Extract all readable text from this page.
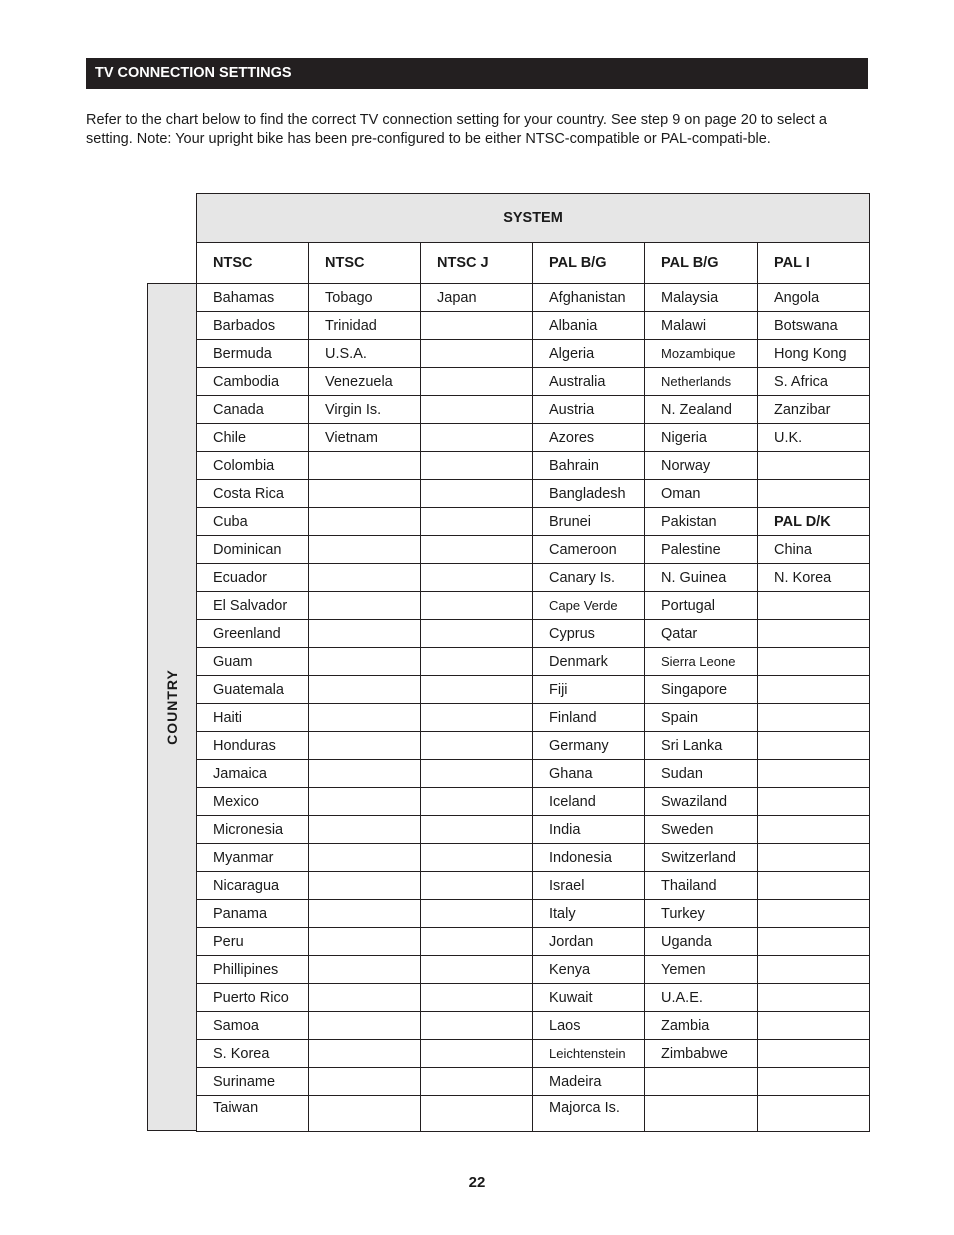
TV CONNECTION SETTINGS

Refer to the chart below to find the correct TV connection setting for your country. See step 9 on page 20 to select a setting. Note: Your upright bike has been pre-configured to be either NTSC-compatible or PAL-compati-ble.

COUNTRY
SYSTEM					
NTSC	NTSC	NTSC J	PAL B/G	PAL B/G	PAL I
Bahamas	Tobago	Japan	Afghanistan	Malaysia	Angola
Barbados	Trinidad		Albania	Malawi	Botswana
Bermuda	U.S.A.		Algeria	Mozambique	Hong Kong
Cambodia	Venezuela		Australia	Netherlands	S. Africa
Canada	Virgin Is.		Austria	N. Zealand	Zanzibar
Chile	Vietnam		Azores	Nigeria	U.K.
Colombia			Bahrain	Norway	
Costa Rica			Bangladesh	Oman	
Cuba			Brunei	Pakistan	PAL D/K
Dominican			Cameroon	Palestine	China
Ecuador			Canary Is.	N. Guinea	N. Korea
El Salvador			Cape Verde	Portugal	
Greenland			Cyprus	Qatar	
Guam			Denmark	Sierra Leone	
Guatemala			Fiji	Singapore	
Haiti			Finland	Spain	
Honduras			Germany	Sri Lanka	
Jamaica			Ghana	Sudan	
Mexico			Iceland	Swaziland	
Micronesia			India	Sweden	
Myanmar			Indonesia	Switzerland	
Nicaragua			Israel	Thailand	
Panama			Italy	Turkey	
Peru			Jordan	Uganda	
Phillipines			Kenya	Yemen	
Puerto Rico			Kuwait	U.A.E.	
Samoa			Laos	Zambia	
S. Korea			Leichtenstein	Zimbabwe	
Suriname			Madeira		
Taiwan			Majorca Is.		
22
